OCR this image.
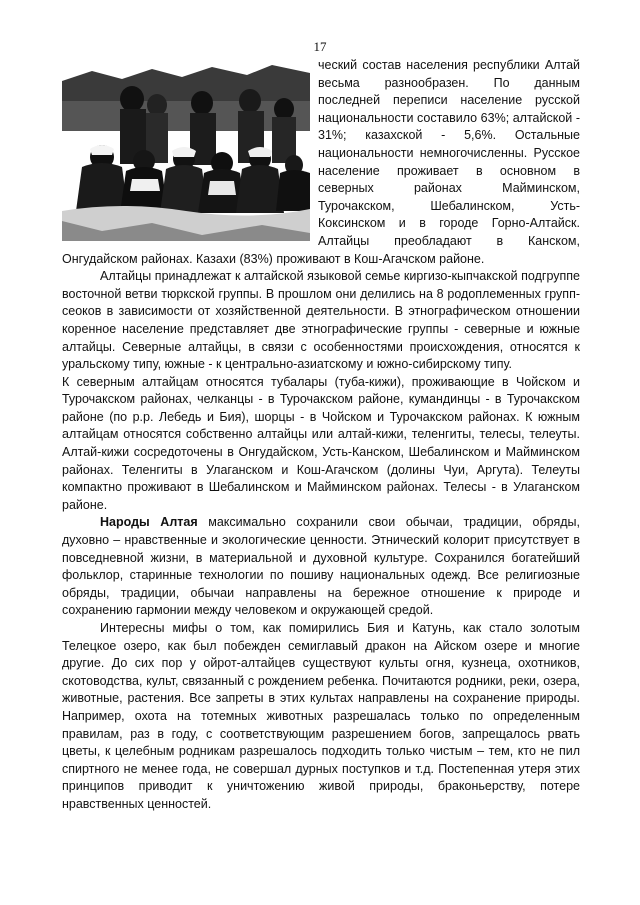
17

ческий состав населения республики Алтай весьма разнообразен. По данным последней переписи население русской национальности составило 63%; алтайской - 31%; казахской - 5,6%. Остальные национальности немногочисленны. Русское население проживает в основном в северных районах Майминском, Турочакском, Шебалинском, Усть-Коксинском и в городе Горно-Алтайск. Алтайцы преобладают в Канском, Онгудайском районах. Казахи (83%) проживают в Кош-Агачском районе.

Алтайцы принадлежат к алтайской языковой семье киргизо-кыпчакской подгруппе восточной ветви тюркской группы. В прошлом они делились на 8 родоплеменных групп-сеоков в зависимости от хозяйственной деятельности. В этнографическом отношении коренное население представляет две этнографические группы - северные и южные алтайцы. Северные алтайцы, в связи с особенностями происхождения, относятся к уральскому типу, южные - к центрально-азиатскому и южно-сибирскому типу.

К северным алтайцам относятся тубалары (туба-кижи), проживающие в Чойском и Турочакском районах, челканцы - в Турочакском районе, кумандинцы - в Турочакском районе (по р.р. Лебедь и Бия), шорцы - в Чойском и Турочакском районах. К южным алтайцам относятся собственно алтайцы или алтай-кижи, теленгиты, телесы, телеуты. Алтай-кижи сосредоточены в Онгудайском, Усть-Канском, Шебалинском и Майминском районах. Теленгиты в Улаганском и Кош-Агачском (долины Чуи, Аргута). Телеуты компактно проживают в Шебалинском и Майминском районах. Телесы - в Улаганском районе.

Народы Алтая максимально сохранили свои обычаи, традиции, обряды, духовно – нравственные и экологические ценности. Этнический колорит присутствует в повседневной жизни, в материальной и духовной культуре. Сохранился богатейший фольклор, старинные технологии по пошиву национальных одежд. Все религиозные обряды, традиции, обычаи направлены на бережное отношение к природе и сохранению гармонии между человеком и окружающей средой.

Интересны мифы о том, как помирились Бия и Катунь, как стало золотым Телецкое озеро, как был побежден семиглавый дракон на Айском озере и многие другие. До сих пор у ойрот-алтайцев существуют культы огня, кузнеца, охотников, скотоводства, культ, связанный с рождением ребенка. Почитаются родники, реки, озера, животные, растения. Все запреты в этих культах направлены на сохранение природы. Например, охота на тотемных животных разрешалась только по определенным правилам, раз в году, с соответствующим разрешением богов, запрещалось рвать цветы, к целебным родникам разрешалось подходить только чистым – тем, кто не пил спиртного не менее года, не совершал дурных поступков и т.д. Постепенная утеря этих принципов приводит к уничтожению живой природы, браконьерству, потере нравственных ценностей.
